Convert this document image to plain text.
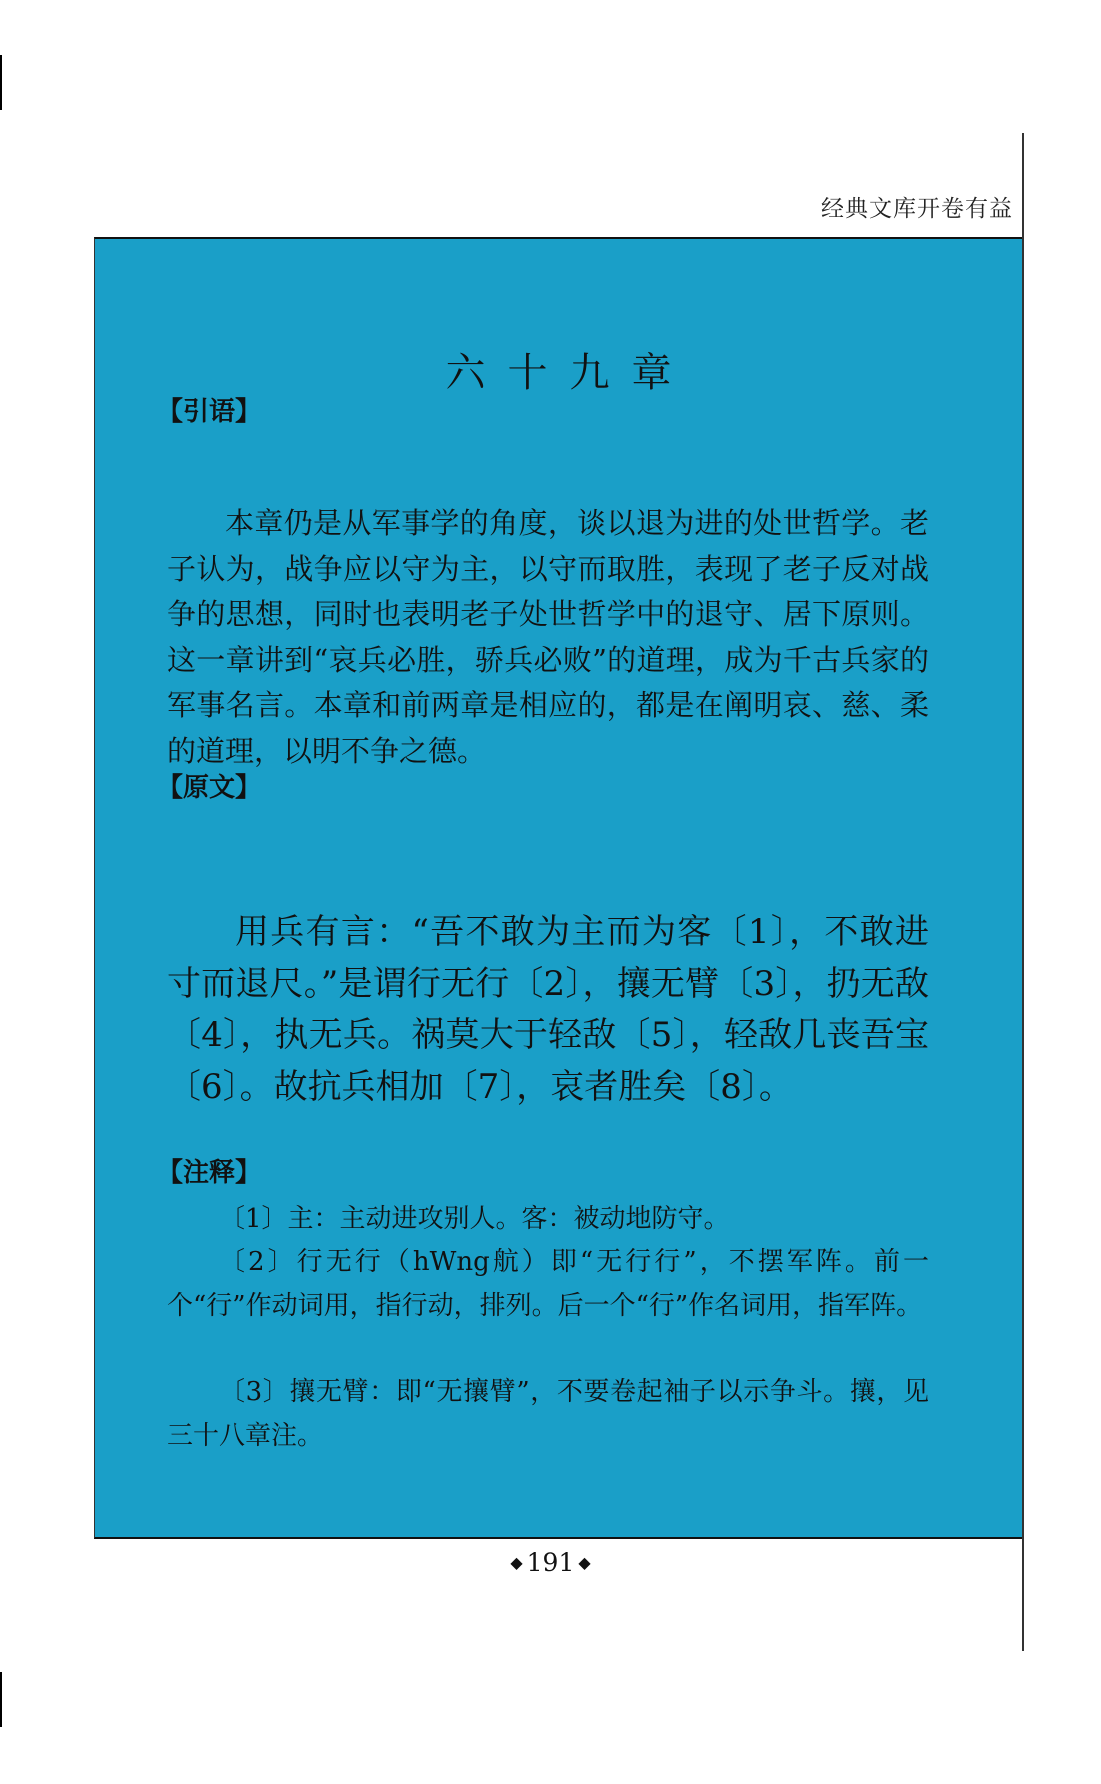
经典文库开卷有益
六十九章
【引语】
本章仍是从军事学的角度，谈以退为进的处世哲学。老子认为，战争应以守为主，以守而取胜，表现了老子反对战争的思想，同时也表明老子处世哲学中的退守、居下原则。这一章讲到“哀兵必胜，骄兵必败”的道理，成为千古兵家的军事名言。本章和前两章是相应的，都是在阐明哀、慈、柔的道理，以明不争之德。
【原文】
用兵有言：“吾不敢为主而为客〔1〕，不敢进寸而退尺。”是谓行无行〔2〕，攘无臂〔3〕，扔无敌〔4〕，执无兵。祸莫大于轻敌〔5〕，轻敌几丧吾宝〔6〕。故抗兵相加〔7〕，哀者胜矣〔8〕。
【注释】
〔1〕主：主动进攻别人。客：被动地防守。
〔2〕行无行（hWng航）即“无行行”，不摆军阵。前一个“行”作动词用，指行动，排列。后一个“行”作名词用，指军阵。
〔3〕攘无臂：即“无攘臂”，不要卷起袖子以示争斗。攘，见三十八章注。
◆ 191 ◆
